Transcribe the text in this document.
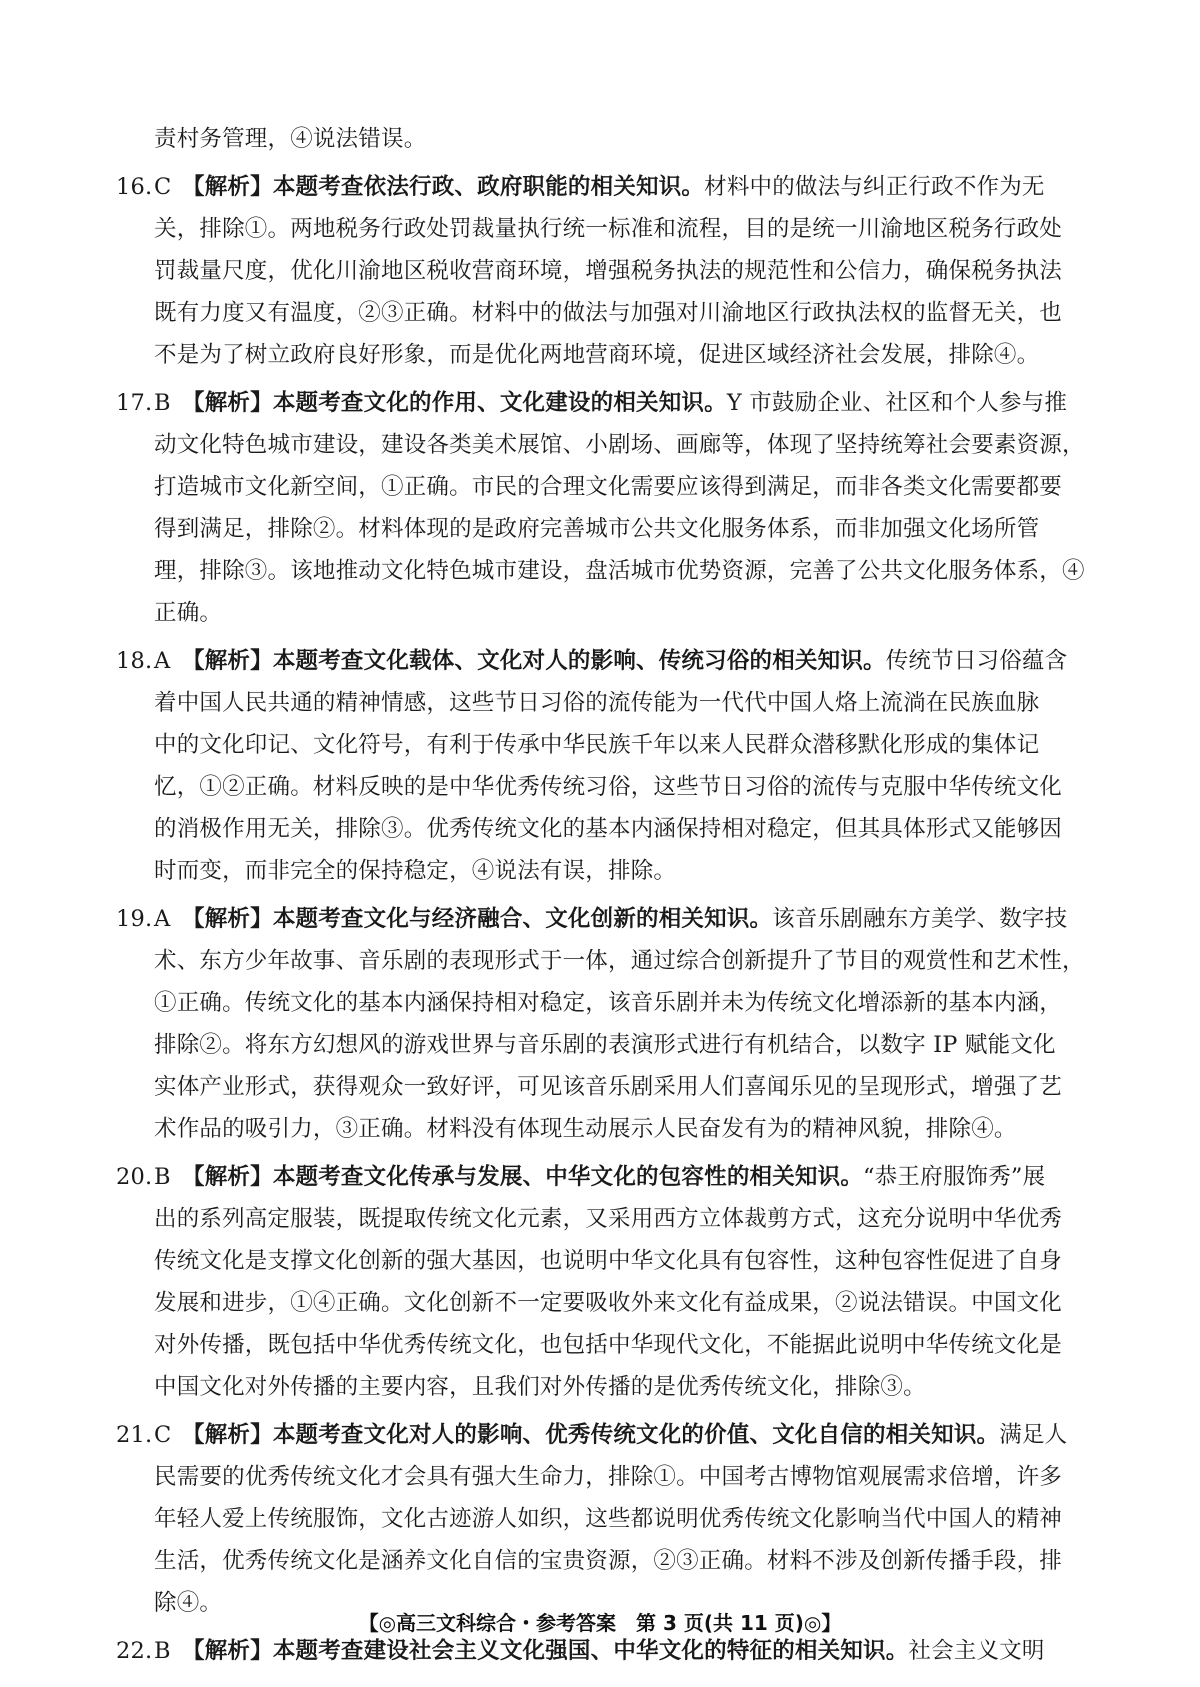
责村务管理，④说法错误。
16. C 【解析】 本题考查依法行政、政府职能的相关知识。 材料中的做法与纠正行政不作为无
关，排除①。两地税务行政处罚裁量执行统一标准和流程，目的是统一川渝地区税务行政处
罚裁量尺度，优化川渝地区税收营商环境，增强税务执法的规范性和公信力，确保税务执法
既有力度又有温度，②③正确。材料中的做法与加强对川渝地区行政执法权的监督无关，也
不是为了树立政府良好形象，而是优化两地营商环境，促进区域经济社会发展，排除④。
17. B 【解析】 本题考查文化的作用、文化建设的相关知识。 Y 市鼓励企业、社区和个人参与推
动文化特色城市建设，建设各类美术展馆、小剧场、画廊等，体现了坚持统筹社会要素资源，
打造城市文化新空间，①正确。市民的合理文化需要应该得到满足，而非各类文化需要都要
得到满足，排除②。材料体现的是政府完善城市公共文化服务体系，而非加强文化场所管
理，排除③。该地推动文化特色城市建设，盘活城市优势资源，完善了公共文化服务体系，④
正确。
18. A 【解析】 本题考查文化载体、文化对人的影响、传统习俗的相关知识。 传统节日习俗蕴含
着中国人民共通的精神情感，这些节日习俗的流传能为一代代中国人烙上流淌在民族血脉
中的文化印记、文化符号，有利于传承中华民族千年以来人民群众潜移默化形成的集体记
忆，①②正确。材料反映的是中华优秀传统习俗，这些节日习俗的流传与克服中华传统文化
的消极作用无关，排除③。优秀传统文化的基本内涵保持相对稳定，但其具体形式又能够因
时而变，而非完全的保持稳定，④说法有误，排除。
19. A 【解析】 本题考查文化与经济融合、文化创新的相关知识。 该音乐剧融东方美学、数字技
术、东方少年故事、音乐剧的表现形式于一体，通过综合创新提升了节目的观赏性和艺术性，
①正确。传统文化的基本内涵保持相对稳定，该音乐剧并未为传统文化增添新的基本内涵，
排除②。将东方幻想风的游戏世界与音乐剧的表演形式进行有机结合，以数字 IP 赋能文化
实体产业形式，获得观众一致好评，可见该音乐剧采用人们喜闻乐见的呈现形式，增强了艺
术作品的吸引力，③正确。材料没有体现生动展示人民奋发有为的精神风貌，排除④。
20. B 【解析】 本题考查文化传承与发展、中华文化的包容性的相关知识。 “恭王府服饰秀”展
出的系列高定服装，既提取传统文化元素，又采用西方立体裁剪方式，这充分说明中华优秀
传统文化是支撑文化创新的强大基因，也说明中华文化具有包容性，这种包容性促进了自身
发展和进步，①④正确。文化创新不一定要吸收外来文化有益成果，②说法错误。中国文化
对外传播，既包括中华优秀传统文化，也包括中华现代文化，不能据此说明中华传统文化是
中国文化对外传播的主要内容，且我们对外传播的是优秀传统文化，排除③。
21. C 【解析】 本题考查文化对人的影响、优秀传统文化的价值、文化自信的相关知识。 满足人
民需要的优秀传统文化才会具有强大生命力，排除①。中国考古博物馆观展需求倍增，许多
年轻人爱上传统服饰，文化古迹游人如织，这些都说明优秀传统文化影响当代中国人的精神
生活，优秀传统文化是涵养文化自信的宝贵资源，②③正确。材料不涉及创新传播手段，排
除④。
22. B 【解析】 本题考查建设社会主义文化强国、中华文化的特征的相关知识。 社会主义文明
【◎高三文科综合・参考答案　第 3 页(共 11 页)◎】
